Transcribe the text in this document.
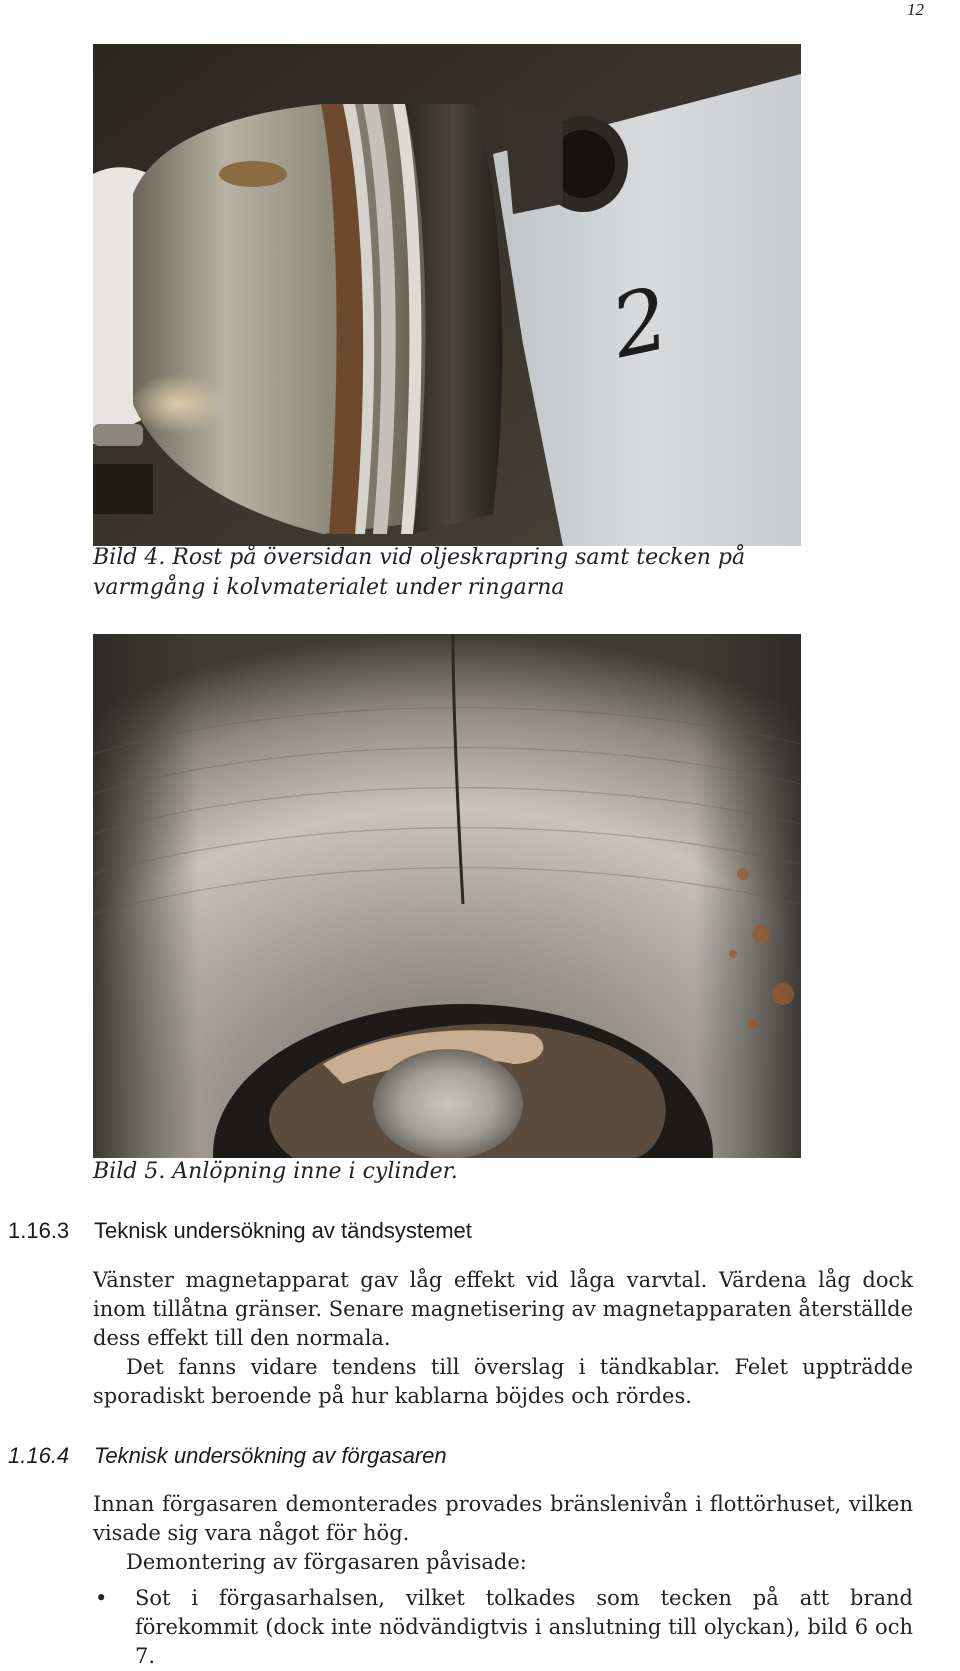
12
2
Bild 4. Rost på översidan vid oljeskrapring samt tecken på
varmgång i kolvmaterialet under ringarna
Bild 5. Anlöpning inne i cylinder.
1.16.3 Teknisk undersökning av tändsystemet

Vänster magnetapparat gav låg effekt vid låga varvtal. Värdena låg dock inom tillåtna gränser. Senare magnetisering av magnetapparaten återställde dess effekt till den normala.

Det fanns vidare tendens till överslag i tändkablar. Felet uppträdde sporadiskt beroende på hur kablarna böjdes och rördes.

1.16.4 Teknisk undersökning av förgasaren

Innan förgasaren demonterades provades bränslenivån i flottörhuset, vilken visade sig vara något för hög.

Demontering av förgasaren påvisade:

• Sot i förgasarhalsen, vilket tolkades som tecken på att brand förekommit (dock inte nödvändigtvis i anslutning till olyckan), bild 6 och 7.
